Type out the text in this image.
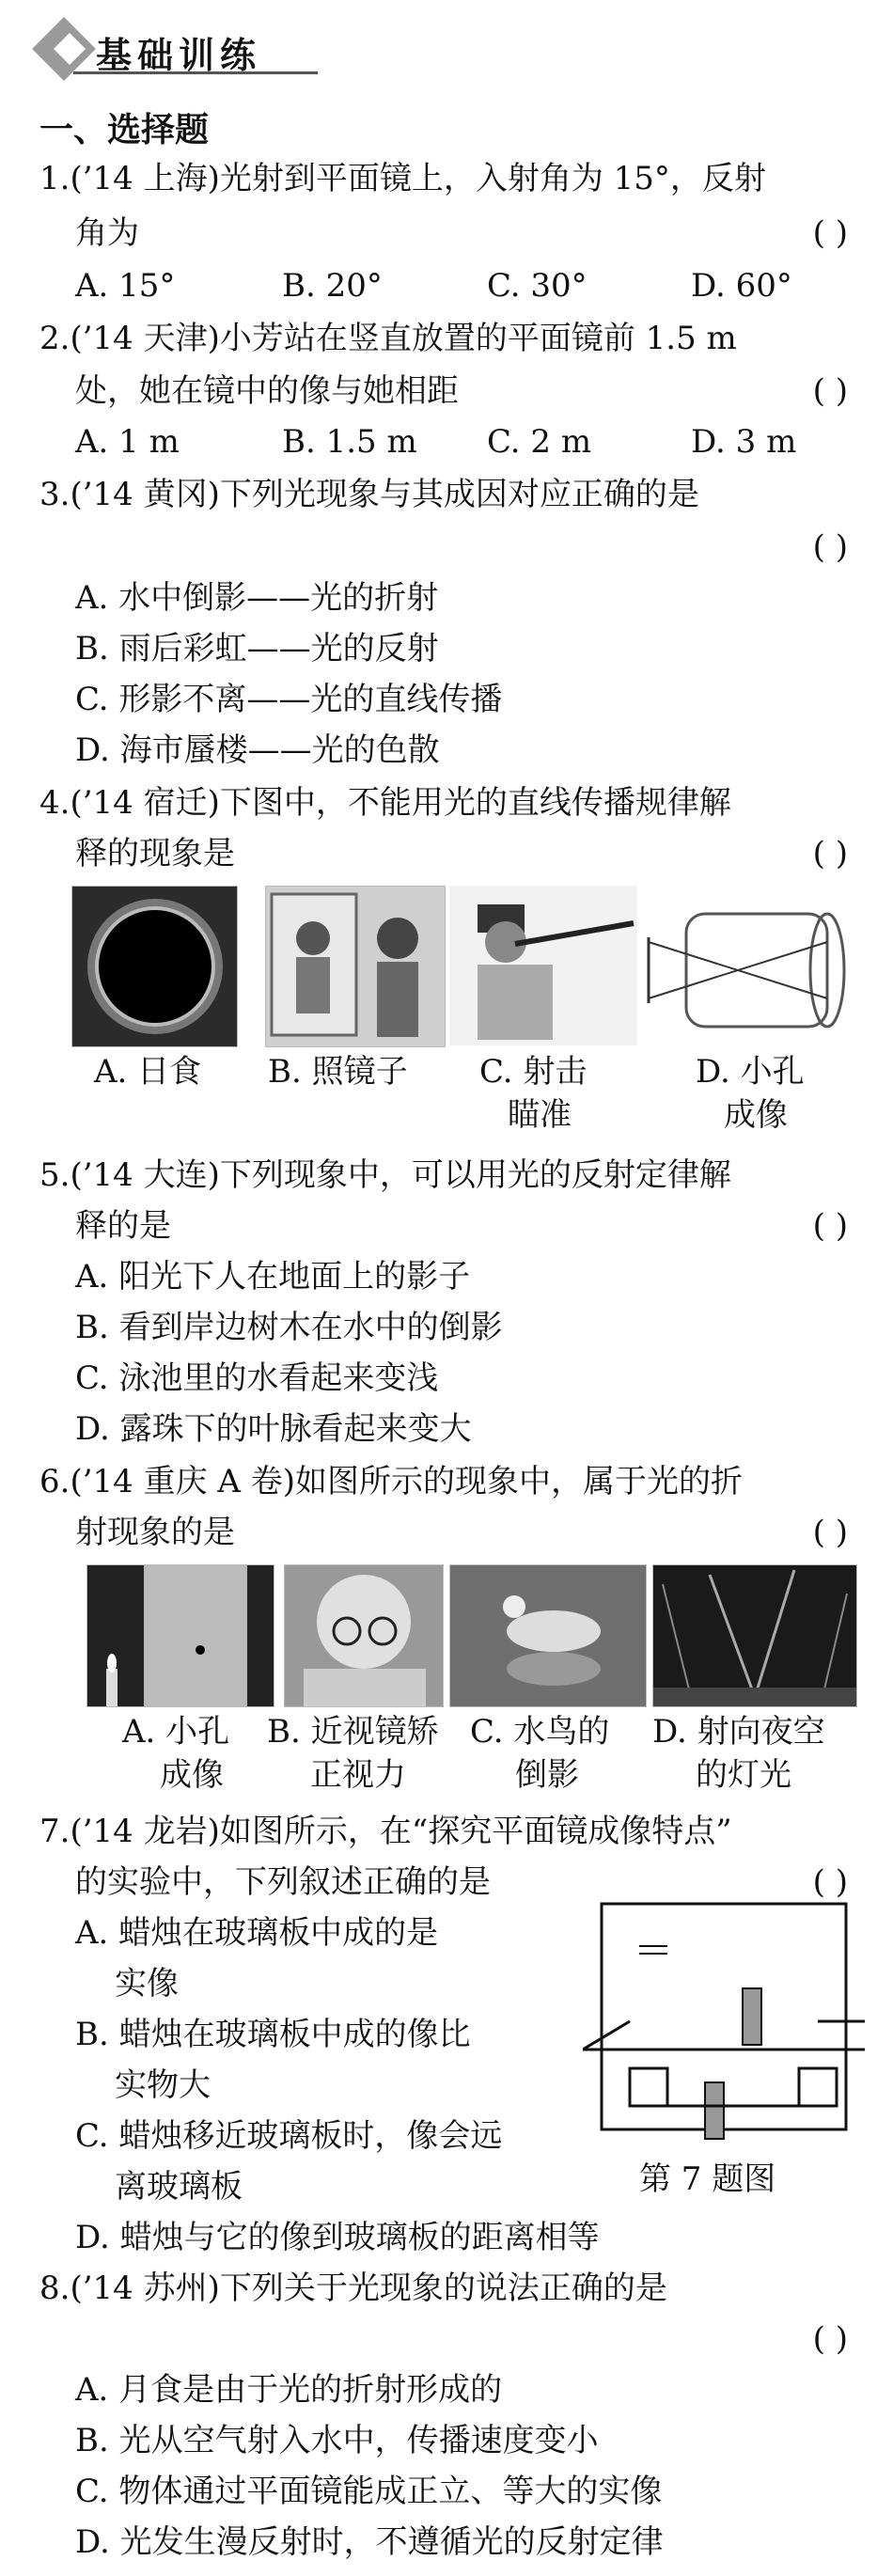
基础训练
一、选择题
1.(’14 上海)光射到平面镜上，入射角为 15°，反射
角为	( )
A. 15°	B. 20°	C. 30°	D. 60°
2.(’14 天津)小芳站在竖直放置的平面镜前 1.5 m
处，她在镜中的像与她相距	( )
A. 1 m	B. 1.5 m C. 2 m	D. 3 m
3.(’14 黄冈)下列光现象与其成因对应正确的是
( )
A. 水中倒影——光的折射
B. 雨后彩虹——光的反射
C. 形影不离——光的直线传播
D. 海市蜃楼——光的色散
4.(’14 宿迁)下图中，不能用光的直线传播规律解
释的现象是	( )
A. 日食 B. 照镜子 C. 射击
瞄准
D. 小孔
成像
5.(’14 大连)下列现象中，可以用光的反射定律解
释的是	( )
A. 阳光下人在地面上的影子
B. 看到岸边树木在水中的倒影
C. 泳池里的水看起来变浅
D. 露珠下的叶脉看起来变大
6.(’14 重庆 A 卷)如图所示的现象中，属于光的折
射现象的是	( )
A. 小孔
成像
B. 近视镜矫
正视力
C. 水鸟的
倒影
D. 射向夜空
的灯光
7.(’14 龙岩)如图所示，在“探究平面镜成像特点”
的实验中，下列叙述正确的是	( )
A. 蜡烛在玻璃板中成的是
实像
B. 蜡烛在玻璃板中成的像比
实物大
C. 蜡烛移近玻璃板时，像会远
离玻璃板
D. 蜡烛与它的像到玻璃板的距离相等
第 7 题图
8.(’14 苏州)下列关于光现象的说法正确的是
( )
A. 月食是由于光的折射形成的
B. 光从空气射入水中，传播速度变小
C. 物体通过平面镜能成正立、等大的实像
D. 光发生漫反射时，不遵循光的反射定律
